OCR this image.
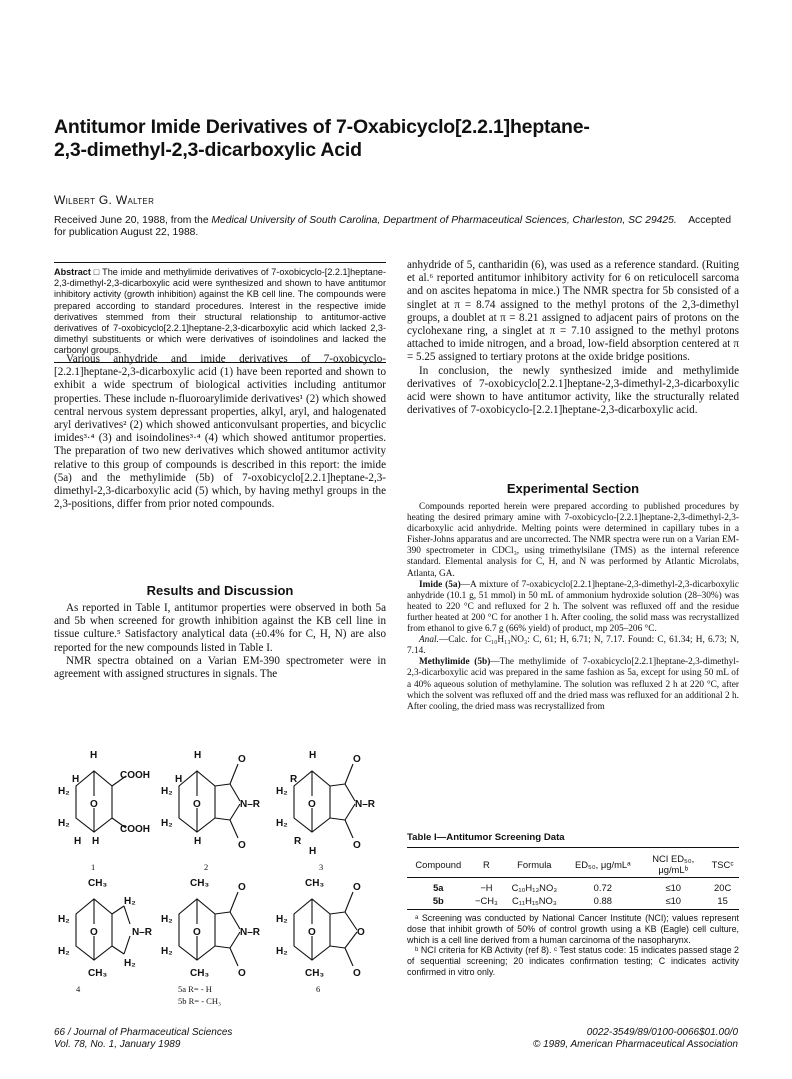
Antitumor Imide Derivatives of 7-Oxabicyclo[2.2.1]heptane-2,3-dimethyl-2,3-dicarboxylic Acid
Wilbert G. Walter
Received June 20, 1988, from the Medical University of South Carolina, Department of Pharmaceutical Sciences, Charleston, SC 29425. Accepted for publication August 22, 1988.
Abstract □ The imide and methylimide derivatives of 7-oxobicyclo-[2.2.1]heptane-2,3-dimethyl-2,3-dicarboxylic acid were synthesized and shown to have antitumor inhibitory activity (growth inhibition) against the KB cell line. The compounds were prepared according to standard procedures. Interest in the respective imide derivatives stemmed from their structural relationship to antitumor-active derivatives of 7-oxobicyclo[2.2.1]heptane-2,3-dicarboxylic acid which lacked 2,3-dimethyl substituents or which were derivatives of isoindolines and lacked the carbonyl groups.

Various anhydride and imide derivatives of 7-oxobicyclo-[2.2.1]heptane-2,3-dicarboxylic acid (1) have been reported and shown to exhibit a wide spectrum of biological activities including antitumor properties. These include n-fluoroarylimide derivatives¹ (2) which showed central nervous system depressant properties, alkyl, aryl, and halogenated aryl derivatives² (2) which showed anticonvulsant properties, and bicyclic imides³·⁴ (3) and isoindolines³·⁴ (4) which showed antitumor properties. The preparation of two new derivatives which showed antitumor activity relative to this group of compounds is described in this report: the imide (5a) and the methylimide (5b) of 7-oxobicyclo[2.2.1]heptane-2,3-dimethyl-2,3-dicarboxylic acid (5) which, by having methyl groups in the 2,3-positions, differ from prior noted compounds.

Results and Discussion

As reported in Table I, antitumor properties were observed in both 5a and 5b when screened for growth inhibition against the KB cell line in tissue culture.⁵ Satisfactory analytical data (±0.4% for C, H, N) are also reported for the new compounds listed in Table I.

NMR spectra obtained on a Varian EM-390 spectrometer were in agreement with assigned structures in signals. The

H
H
H₂
H₂
O
COOH
COOH
H H
H
H
H₂
H₂
O
O
O
N–R
H
2
1
H
R
H₂
H₂
O
O
O
N–R
R
H
3
CH₃
H₂
H₂
O
H₂
N–R
H₂
CH₃
4
CH₃
H₂
H₂
O
O
O
N–R
CH₃
5a R= - H
5b R= - CH₃
CH₃
H₂
H₂
O
O
O
O
CH₃
6

anhydride of 5, cantharidin (6), was used as a reference standard. (Ruiting et al.⁶ reported antitumor inhibitory activity for 6 on reticulocell sarcoma and on ascites hepatoma in mice.) The NMR spectra for 5b consisted of a singlet at π = 8.74 assigned to the methyl protons of the 2,3-dimethyl groups, a doublet at π = 8.21 assigned to adjacent pairs of protons on the cyclohexane ring, a singlet at π = 7.10 assigned to the methyl protons attached to imide nitrogen, and a broad, low-field absorption centered at π = 5.25 assigned to tertiary protons at the oxide bridge positions.

In conclusion, the newly synthesized imide and methylimide derivatives of 7-oxobicyclo[2.2.1]heptane-2,3-dimethyl-2,3-dicarboxylic acid were shown to have antitumor activity, like the structurally related derivatives of 7-oxobicyclo-[2.2.1]heptane-2,3-dicarboxylic acid.

Experimental Section

Compounds reported herein were prepared according to published procedures by heating the desired primary amine with 7-oxobicyclo-[2.2.1]heptane-2,3-dimethyl-2,3-dicarboxylic acid anhydride. Melting points were determined in capillary tubes in a Fisher-Johns apparatus and are uncorrected. The NMR spectra were run on a Varian EM-390 spectrometer in CDCl₃, using trimethylsilane (TMS) as the internal reference standard. Elemental analysis for C, H, and N was performed by Atlantic Microlabs, Atlanta, GA.

Imide (5a)—A mixture of 7-oxabicyclo[2.2.1]heptane-2,3-dimethyl-2,3-dicarboxylic anhydride (10.1 g, 51 mmol) in 50 mL of ammonium hydroxide solution (28–30%) was heated to 220 °C and refluxed for 2 h. The solvent was refluxed off and the residue further heated at 200 °C for another 1 h. After cooling, the solid mass was recrystallized from ethanol to give 6.7 g (66% yield) of product, mp 205–206 °C.

Anal.—Calc. for C₁₀H₁₃NO₃: C, 61; H, 6.71; N, 7.17. Found: C, 61.34; H, 6.73; N, 7.14.

Methylimide (5b)—The methylimide of 7-oxabicyclo[2.2.1]heptane-2,3-dimethyl-2,3-dicarboxylic acid was prepared in the same fashion as 5a, except for using 50 mL of a 40% aqueous solution of methylamine. The solution was refluxed 2 h at 220 °C, after which the solvent was refluxed off and the dried mass was refluxed for an additional 2 h. After cooling, the dried mass was recrystallized from

Table I—Antitumor Screening Data
Compound	R	Formula	ED₅₀, μg/mLᵃ	NCI ED₅₀, μg/mLᵇ	TSCᶜ
5a	−H	C₁₀H₁₃NO₃	0.72	≤10	20C
5b	−CH₃	C₁₁H₁₅NO₃	0.88	≤10	15

ᵃ Screening was conducted by National Cancer Institute (NCI); values represent dose that inhibit growth of 50% of control growth using a KB (Eagle) cell culture, which is a cell line derived from a human carcinoma of the nasopharynx.

ᵇ NCI criteria for KB Activity (ref 8). ᶜ Test status code: 15 indicates passed stage 2 of sequential screening; 20 indicates confirmation testing; C indicates activity confirmed in vitro only.

66 / Journal of Pharmaceutical Sciences
Vol. 78, No. 1, January 1989
0022-3549/89/0100-0066$01.00/0
© 1989, American Pharmaceutical Association
